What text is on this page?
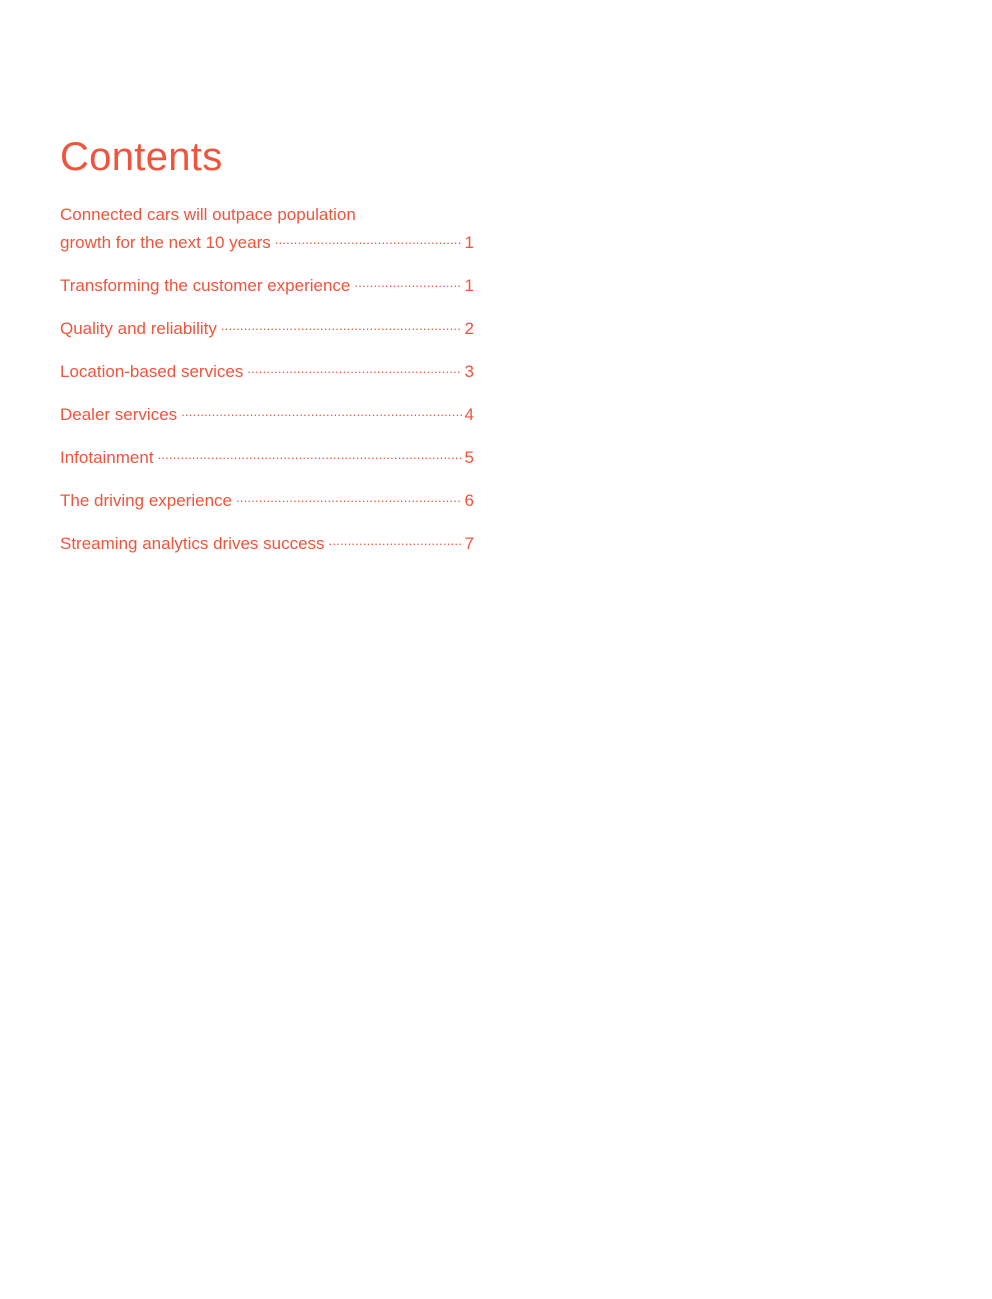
Contents
Connected cars will outpace population
growth for the next 10 years .....	1
Transforming the customer experience .....	1
Quality and reliability .....	2
Location-based services .....	3
Dealer services .....	4
Infotainment .....	5
The driving experience .....	6
Streaming analytics drives success .....	7
